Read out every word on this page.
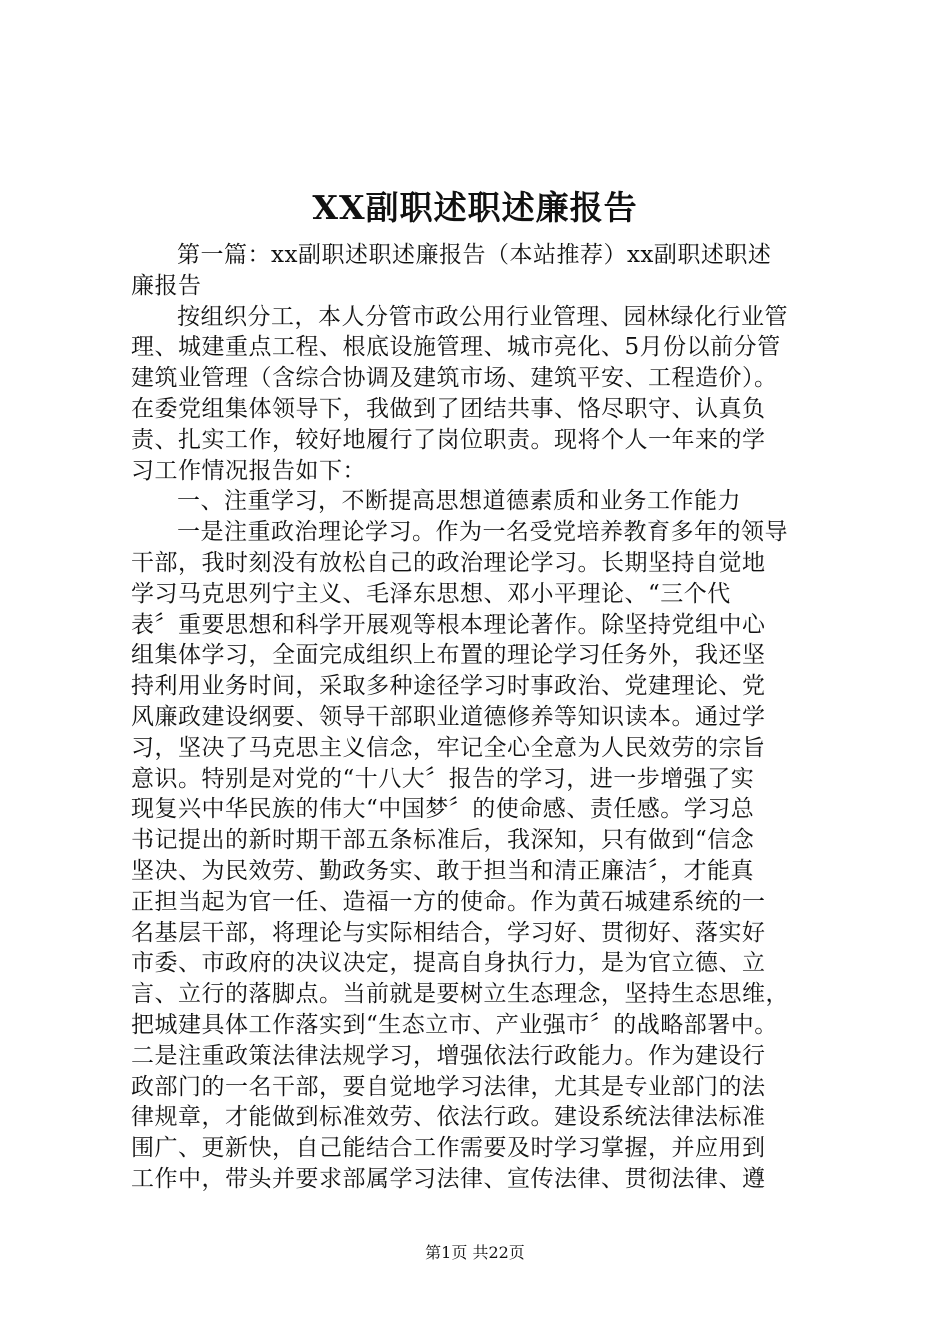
XX副职述职述廉报告
第一篇：xx副职述职述廉报告（本站推荐）xx副职述职述
廉报告
按组织分工，本人分管市政公用行业管理、园林绿化行业管
理、城建重点工程、根底设施管理、城市亮化、5月份以前分管
建筑业管理（含综合协调及建筑市场、建筑平安、工程造价）。
在委党组集体领导下，我做到了团结共事、恪尽职守、认真负
责、扎实工作，较好地履行了岗位职责。现将个人一年来的学
习工作情况报告如下：
一、注重学习，不断提高思想道德素质和业务工作能力
一是注重政治理论学习。作为一名受党培养教育多年的领导
干部，我时刻没有放松自己的政治理论学习。长期坚持自觉地
学习马克思列宁主义、毛泽东思想、邓小平理论、“三个代
表〞重要思想和科学开展观等根本理论著作。除坚持党组中心
组集体学习，全面完成组织上布置的理论学习任务外，我还坚
持利用业务时间，采取多种途径学习时事政治、党建理论、党
风廉政建设纲要、领导干部职业道德修养等知识读本。通过学
习，坚决了马克思主义信念，牢记全心全意为人民效劳的宗旨
意识。特别是对党的“十八大〞报告的学习，进一步增强了实
现复兴中华民族的伟大“中国梦〞的使命感、责任感。学习总
书记提出的新时期干部五条标准后，我深知，只有做到“信念
坚决、为民效劳、勤政务实、敢于担当和清正廉洁〞，才能真
正担当起为官一任、造福一方的使命。作为黄石城建系统的一
名基层干部，将理论与实际相结合，学习好、贯彻好、落实好
市委、市政府的决议决定，提高自身执行力，是为官立德、立
言、立行的落脚点。当前就是要树立生态理念，坚持生态思维，
把城建具体工作落实到“生态立市、产业强市〞的战略部署中。
二是注重政策法律法规学习，增强依法行政能力。作为建设行
政部门的一名干部，要自觉地学习法律，尤其是专业部门的法
律规章，才能做到标准效劳、依法行政。建设系统法律法标准
围广、更新快，自己能结合工作需要及时学习掌握，并应用到
工作中，带头并要求部属学习法律、宣传法律、贯彻法律、遵
第1页 共22页
